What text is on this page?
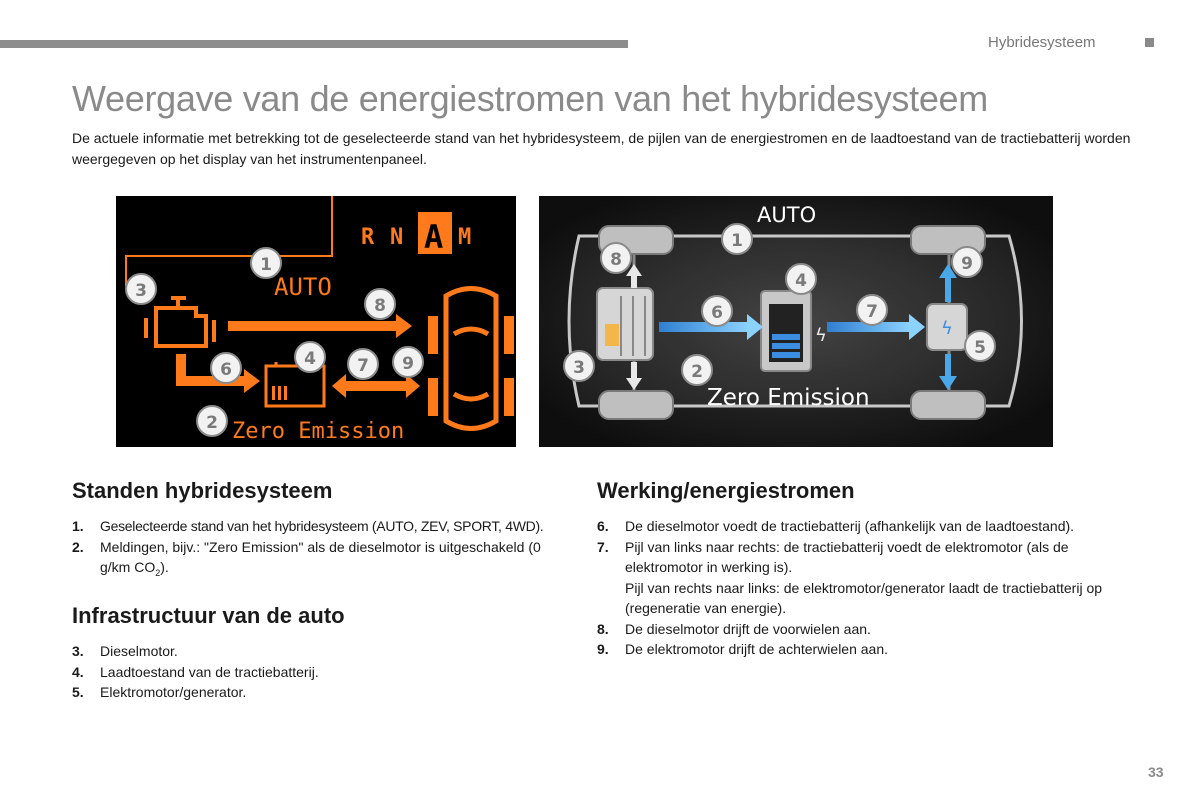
Hybridesysteem
Weergave van de energiestromen van het hybridesysteem

De actuele informatie met betrekking tot de geselecteerde stand van het hybridesysteem, de pijlen van de energiestromen en de laadtoestand van de tractiebatterij worden weergegeven op het display van het instrumentenpaneel.

R N A M
AUTO
Zero Emission
1
2
3
4
6	7
8
9
AUTO
ϟ	ϟ
Zero Emission
1
2
3
4
5
6	7
8	9
Standen hybridesysteem
1.	Geselecteerde stand van het hybridesysteem (AUTO, ZEV, SPORT, 4WD).
2.	Meldingen, bijv.: "Zero Emission" als de dieselmotor is uitgeschakeld (0 g/km $CO_2$).
Infrastructuur van de auto
3.	Dieselmotor.
4.	Laadtoestand van de tractiebatterij.
5.	Elektromotor/generator.
Werking/energiestromen
6.	De dieselmotor voedt de tractiebatterij (afhankelijk van de laadtoestand).
7.	Pijl van links naar rechts: de tractiebatterij voedt de elektromotor (als de elektromotor in werking is).
Pijl van rechts naar links: de elektromotor/generator laadt de tractiebatterij op (regeneratie van energie).
8.	De dieselmotor drijft de voorwielen aan.
9.	De elektromotor drijft de achterwielen aan.
33
